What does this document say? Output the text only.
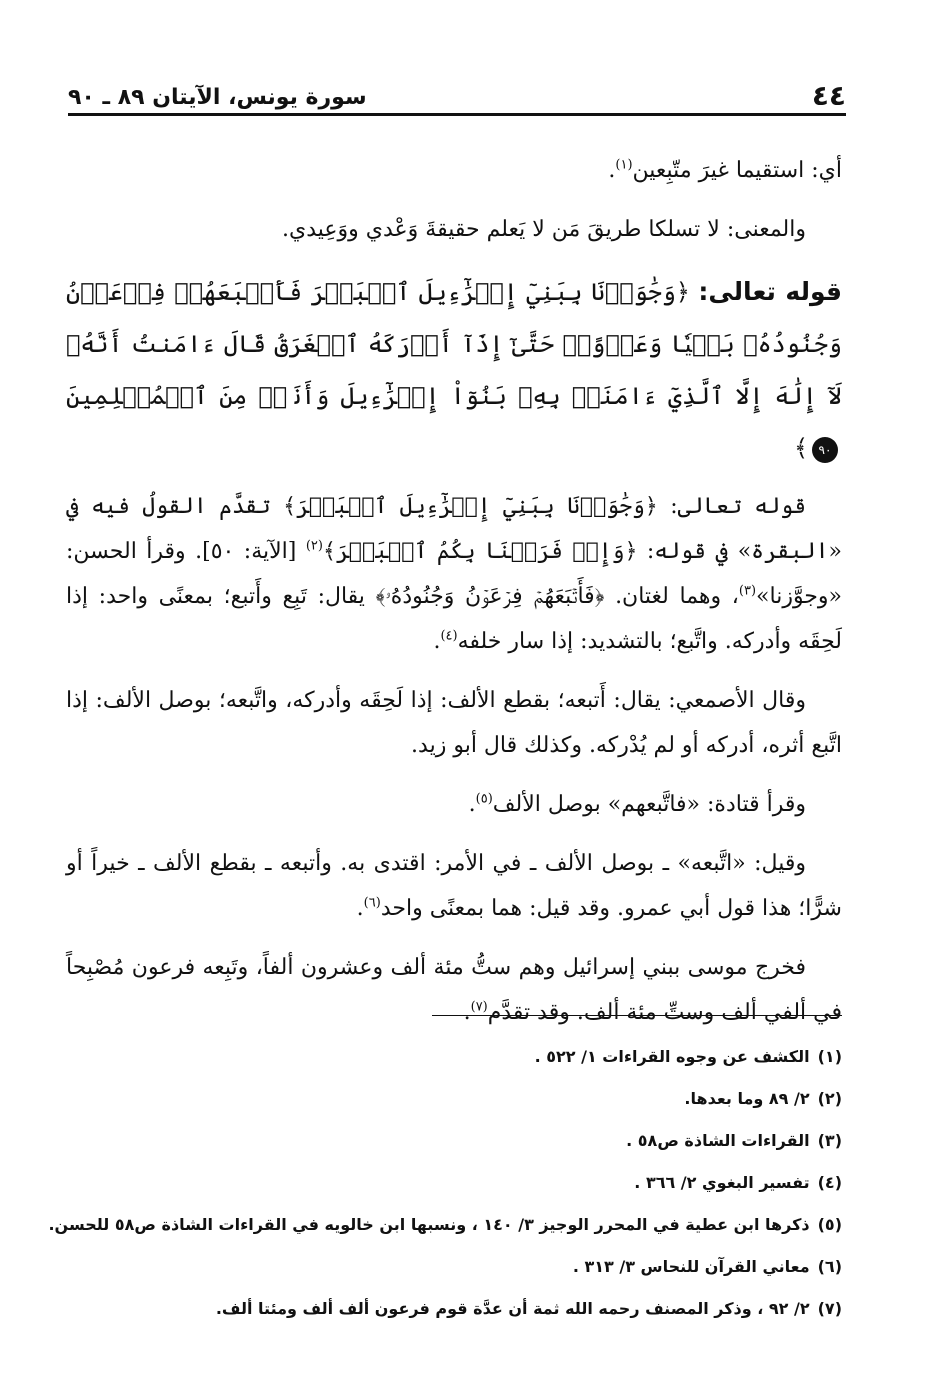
سورة يونس، الآيتان ٨٩ ـ ٩٠	٤٤

أي: استقيما غيرَ متّبِعين$^{(١)}$.

والمعنى: لا تسلكا طريقَ مَن لا يَعلم حقيقةَ وَعْدي ووَعِيدي.

قوله تعالى: ﴿وَجَٰوَزۡنَا بِبَنِيٓ إِسۡرَٰٓءِيلَ ٱلۡبَحۡرَ فَأَتۡبَعَهُمۡ فِرۡعَوۡنُ وَجُنُودُهُۥ بَغۡيٗا وَعَدۡوًاۖ حَتَّىٰٓ إِذَآ أَدۡرَكَهُ ٱلۡغَرَقُ قَالَ ءَامَنتُ أَنَّهُۥ لَآ إِلَٰهَ إِلَّا ٱلَّذِيٓ ءَامَنَتۡ بِهِۦ بَنُوٓاْ إِسۡرَٰٓءِيلَ وَأَنَا۠ مِنَ ٱلۡمُسۡلِمِينَ ٩٠﴾

قوله تعالى: ﴿وَجَٰوَزۡنَا بِبَنِيٓ إِسۡرَٰٓءِيلَ ٱلۡبَحۡرَ﴾ تقدَّم القولُ فيه في «البقرة» في قوله: ﴿وَإِذۡ فَرَقۡنَا بِكُمُ ٱلۡبَحۡرَ﴾$^{(٢)}$ [الآية: ٥٠]. وقرأ الحسن: «وجوَّزنا»$^{(٣)}$، وهما لغتان. ﴿فَأَتۡبَعَهُمۡ فِرۡعَوۡنُ وَجُنُودُهُۥ﴾ يقال: تَبِع وأَتبع؛ بمعنًى واحد: إذا لَحِقَه وأدركه. واتَّبع؛ بالتشديد: إذا سار خلفه$^{(٤)}$.

وقال الأصمعي: يقال: أَتبعه؛ بقطع الألف: إذا لَحِقَه وأدركه، واتَّبعه؛ بوصل الألف: إذا اتَّبع أثره، أدركه أو لم يُدْركه. وكذلك قال أبو زيد.

وقرأ قتادة: «فاتَّبعهم» بوصل الألف$^{(٥)}$.

وقيل: «اتَّبعه» ـ بوصل الألف ـ في الأمر: اقتدى به. وأتبعه ـ بقطع الألف ـ خيراً أو شرًّا؛ هذا قول أبي عمرو. وقد قيل: هما بمعنًى واحد$^{(٦)}$.

فخرج موسى ببني إسرائيل وهم ستُّ مئة ألف وعشرون ألفاً، وتَبِعه فرعون مُصْبِحاً في ألفي ألف وستِّ مئة ألف. وقد تقدَّم$^{(٧)}$.

(١)الكشف عن وجوه القراءات ١/ ٥٢٢ .
(٢)٢/ ٨٩ وما بعدها.
(٣)القراءات الشاذة ص٥٨ .
(٤)تفسير البغوي ٢/ ٣٦٦ .
(٥)ذكرها ابن عطية في المحرر الوجيز ٣/ ١٤٠ ، ونسبها ابن خالويه في القراءات الشاذة ص٥٨ للحسن.
(٦)معاني القرآن للنحاس ٣/ ٣١٣ .
(٧)٢/ ٩٢ ، وذكر المصنف رحمه الله ثمة أن عدَّة قوم فرعون ألف ألف ومئتا ألف.
